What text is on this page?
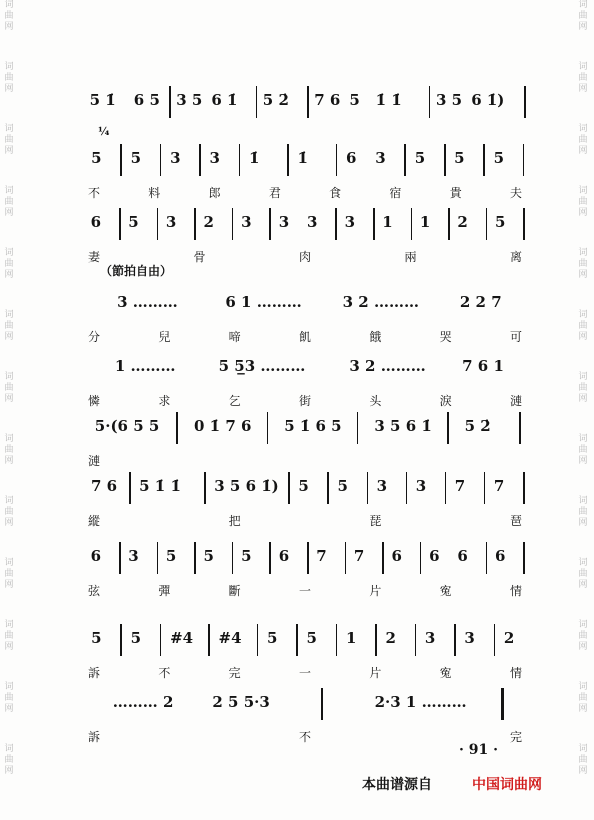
词
曲
网
词
曲
网
词
曲
网
词
曲
网
词
曲
网
词
曲
网
词
曲
网
词
曲
网
词
曲
网
词
曲
网
词
曲
网
词
曲
网
词
曲
网
词
曲
网
词
曲
网
词
曲
网
词
曲
网
词
曲
网
词
曲
网
词
曲
网
词
曲
网
词
曲
网
词
曲
网
词
曲
网
词
曲
网
词
曲
网
（節拍自由）
¼
5 1̇ 6 5 3 5 6 1̇ 5 2̇ 7 6 5 1̇ 1̇ 3 5 6 1̇)
5 5 3 3 1̇	1̇	6 3 5 5 5
不	料	郎	君	食	宿	貴	夫
6 5 3 2 3 3 3 3 1 1 2 5
妻	骨	肉	兩	离
3 ………	6 1 ………	3 2 ………	2 2 7
分	兒	啼	飢	餓	哭	可
1 ………	5 5̲3 ………	3 2 ……… 7 6 1
憐	求	乞	街	头	淚	漣
5·(6 5 5 0 1̇ 7 6 5 1̇ 6 5 3 5 6 1̇ 5 2̇
漣
7 6 5 1̇ 1̇ 3 5 6 1̇) 5 5 3 3 7 7
縱	把	琵	琶
6 3 5 5 5 6 7 7 6 6 6 6
弦	彈	斷	一	片	寃	情
5 5 #4 #4 5 5 1 2 3 3 2
訴	不	完	一	片	寃	情
……… 2	2 5 5·3	2·3 1 ………
訴	不	完
· 91 ·
本曲谱源自	中国词曲网
